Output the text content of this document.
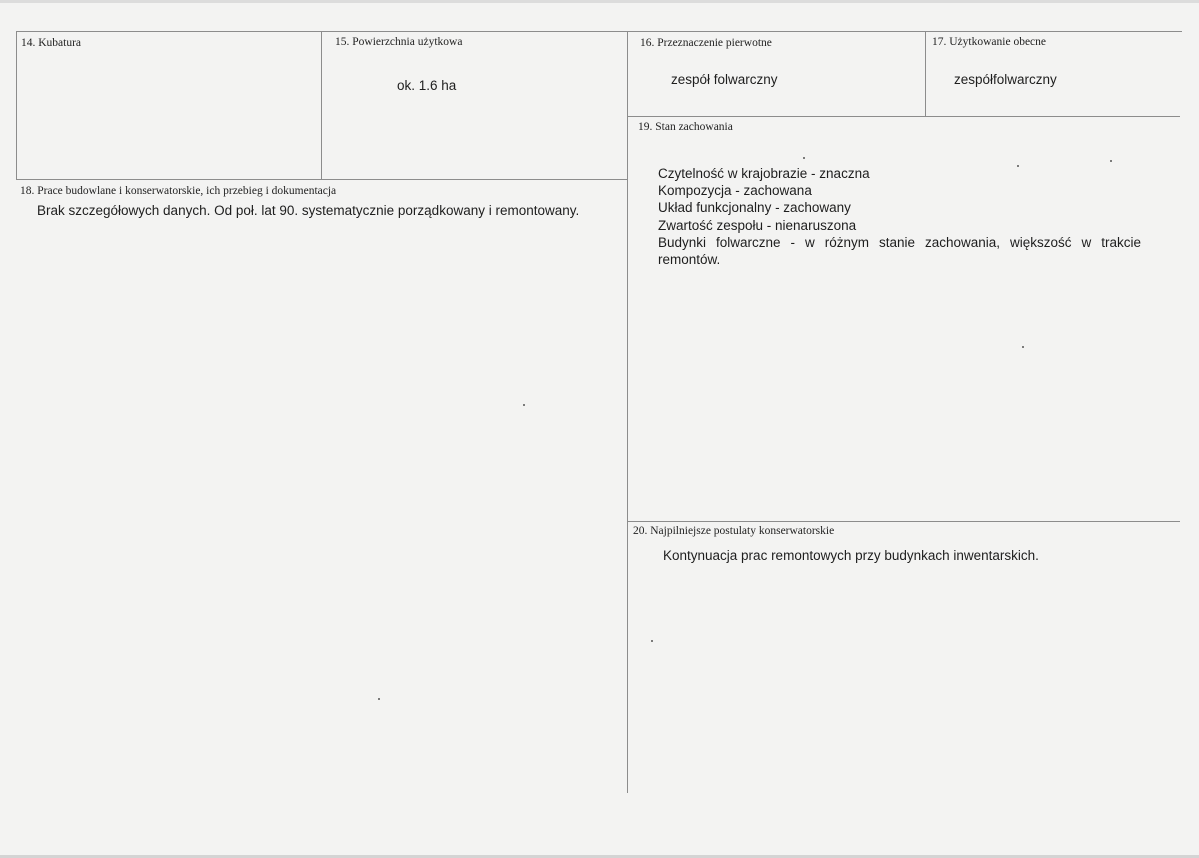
14. Kubatura	15. Powierzchnia użytkowa
ok. 1.6 ha
16. Przeznaczenie pierwotne
zespół folwarczny
17. Użytkowanie obecne
zespółfolwarczny
18. Prace budowlane i konserwatorskie, ich przebieg i dokumentacja
Brak szczegółowych danych. Od poł. lat 90. systematycznie porządkowany i remontowany.
19. Stan zachowania
Czytelność w krajobrazie - znaczna
Kompozycja - zachowana
Układ funkcjonalny - zachowany
Zwartość zespołu - nienaruszona
Budynki folwarczne - w różnym stanie zachowania, większość w trakcie remontów.
20. Najpilniejsze postulaty konserwatorskie
Kontynuacja prac remontowych przy budynkach inwentarskich.
